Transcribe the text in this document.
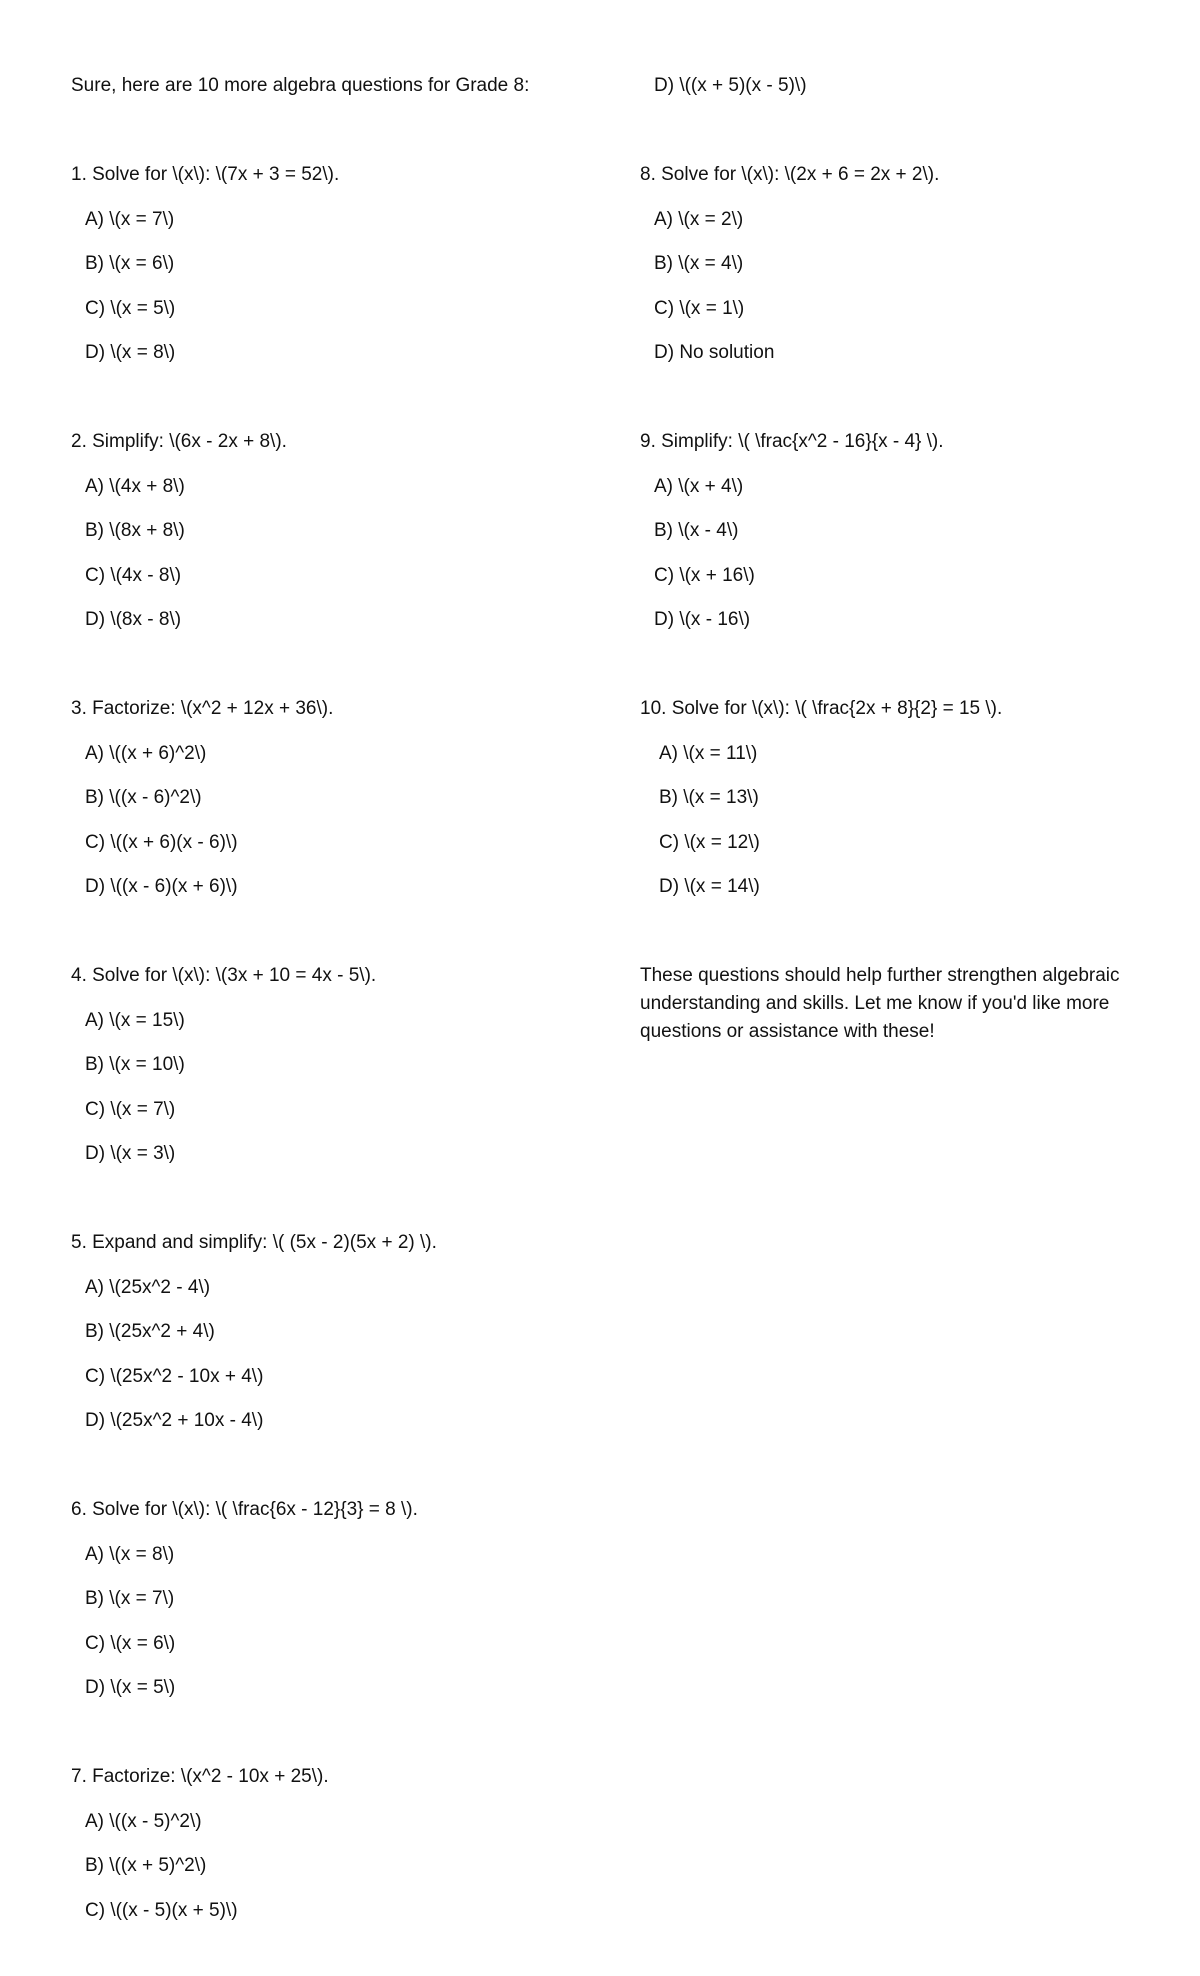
Sure, here are 10 more algebra questions for Grade 8:
1. Solve for \(x\): \(7x + 3 = 52\).
A) \(x = 7\)
B) \(x = 6\)
C) \(x = 5\)
D) \(x = 8\)
2. Simplify: \(6x - 2x + 8\).
A) \(4x + 8\)
B) \(8x + 8\)
C) \(4x - 8\)
D) \(8x - 8\)
3. Factorize: \(x^2 + 12x + 36\).
A) \((x + 6)^2\)
B) \((x - 6)^2\)
C) \((x + 6)(x - 6)\)
D) \((x - 6)(x + 6)\)
4. Solve for \(x\): \(3x + 10 = 4x - 5\).
A) \(x = 15\)
B) \(x = 10\)
C) \(x = 7\)
D) \(x = 3\)
5. Expand and simplify: \( (5x - 2)(5x + 2) \).
A) \(25x^2 - 4\)
B) \(25x^2 + 4\)
C) \(25x^2 - 10x + 4\)
D) \(25x^2 + 10x - 4\)
6. Solve for \(x\): \( \frac{6x - 12}{3} = 8 \).
A) \(x = 8\)
B) \(x = 7\)
C) \(x = 6\)
D) \(x = 5\)
7. Factorize: \(x^2 - 10x + 25\).
A) \((x - 5)^2\)
B) \((x + 5)^2\)
C) \((x - 5)(x + 5)\)
D) \((x + 5)(x - 5)\)
8. Solve for \(x\): \(2x + 6 = 2x + 2\).
A) \(x = 2\)
B) \(x = 4\)
C) \(x = 1\)
D) No solution
9. Simplify: \( \frac{x^2 - 16}{x - 4} \).
A) \(x + 4\)
B) \(x - 4\)
C) \(x + 16\)
D) \(x - 16\)
10. Solve for \(x\): \( \frac{2x + 8}{2} = 15 \).
A) \(x = 11\)
B) \(x = 13\)
C) \(x = 12\)
D) \(x = 14\)
These questions should help further strengthen algebraic understanding and skills. Let me know if you'd like more questions or assistance with these!
